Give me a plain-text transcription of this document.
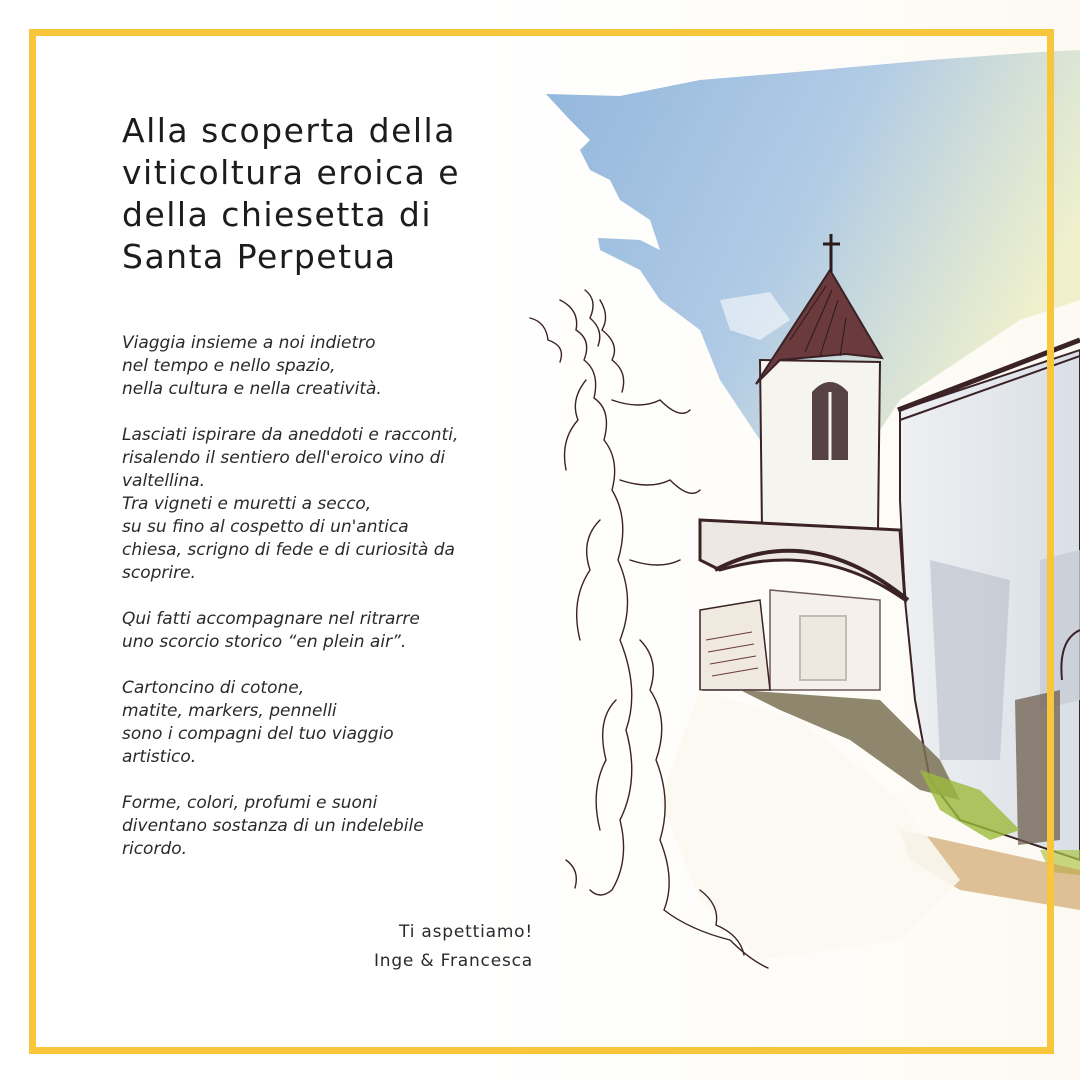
Alla scoperta della
viticoltura eroica e
della chiesetta di
Santa Perpetua

Viaggia insieme a noi indietro
nel tempo e nello spazio,
nella cultura e nella creatività.

Lasciati ispirare da aneddoti e racconti,
risalendo il sentiero dell'eroico vino di
valtellina.
Tra vigneti e muretti a secco,
su su fino al cospetto di un'antica
chiesa, scrigno di fede e di curiosità da
scoprire.

Qui fatti accompagnare nel ritrarre
uno scorcio storico “en plein air”.

Cartoncino di cotone,
matite, markers, pennelli
sono i compagni del tuo viaggio
artistico.

Forme, colori, profumi e suoni
diventano sostanza di un indelebile
ricordo.

Ti aspettiamo!
Inge & Francesca
